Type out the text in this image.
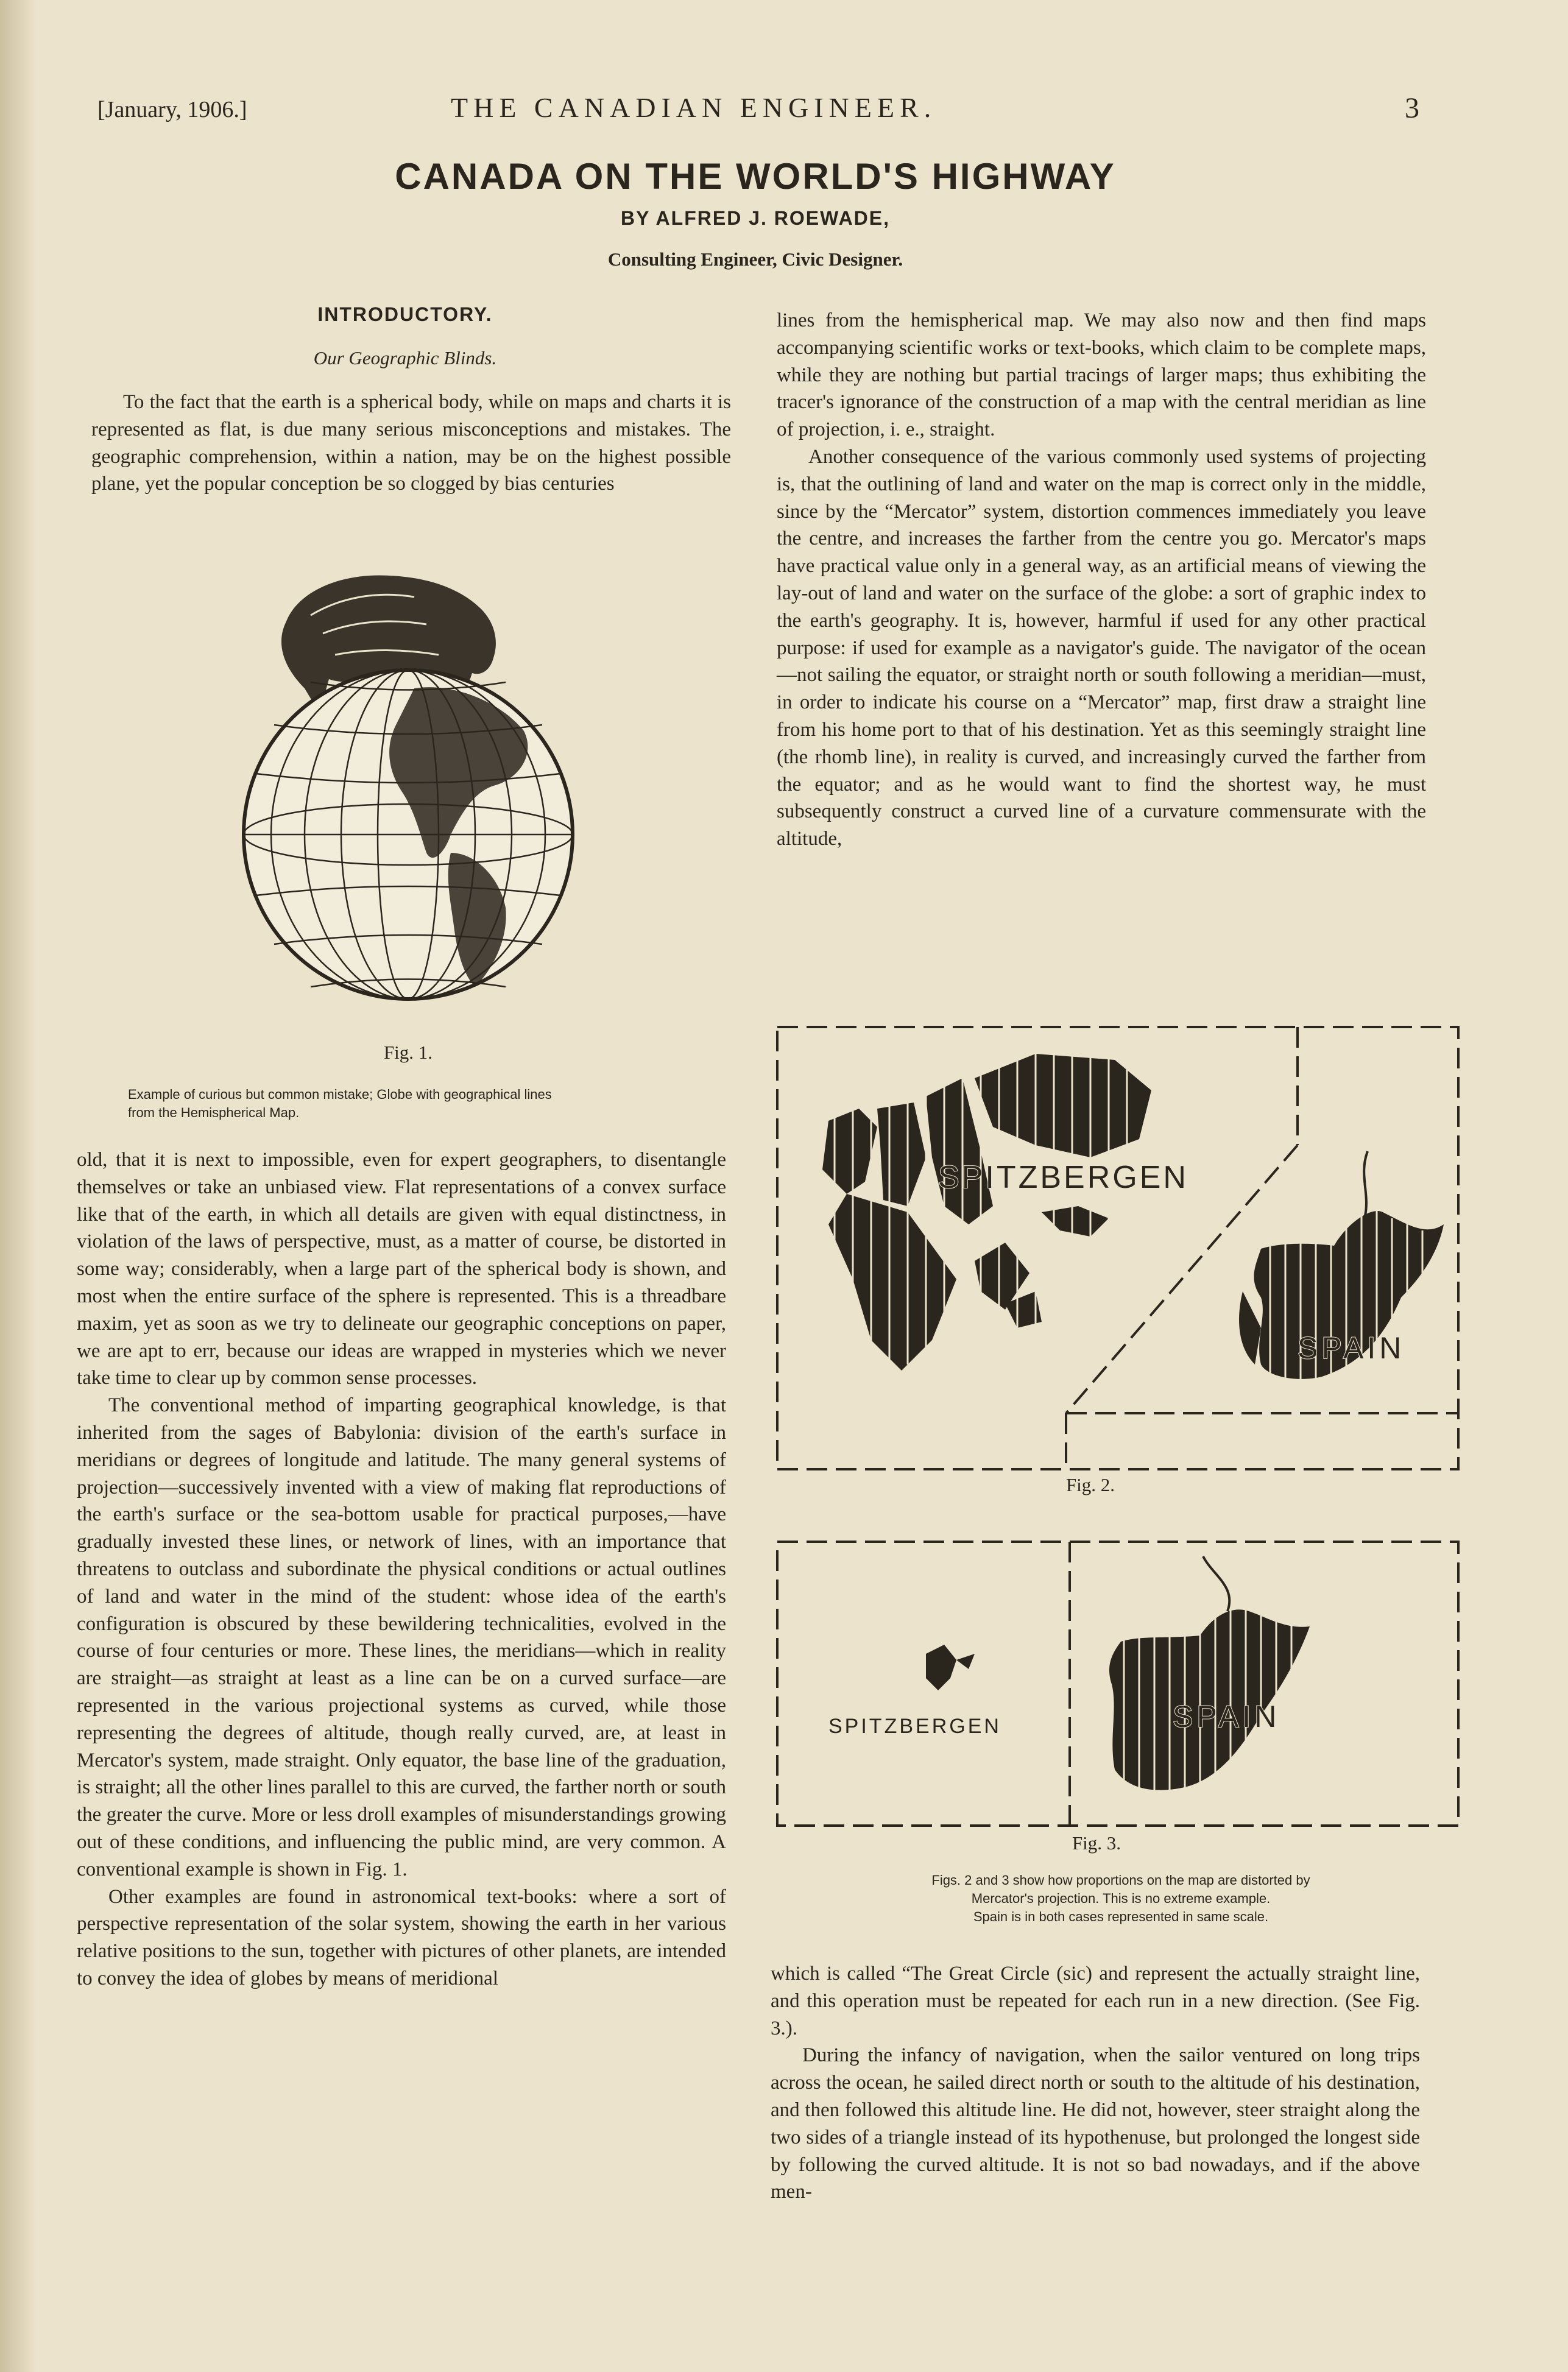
[January, 1906.]	THE CANADIAN ENGINEER.	3
CANADA ON THE WORLD'S HIGHWAY
BY ALFRED J. ROEWADE,
Consulting Engineer, Civic Designer.
INTRODUCTORY.
Our Geographic Blinds.

To the fact that the earth is a spherical body, while on maps and charts it is represented as flat, is due many serious misconceptions and mistakes. The geographic comprehension, within a nation, may be on the highest possible plane, yet the popular conception be so clogged by bias centuries

Fig. 1.
Example of curious but common mistake; Globe with geographical lines
from the Hemispherical Map.

old, that it is next to impossible, even for expert geographers, to disentangle themselves or take an unbiased view. Flat representations of a convex surface like that of the earth, in which all details are given with equal distinctness, in violation of the laws of perspective, must, as a matter of course, be distorted in some way; considerably, when a large part of the spherical body is shown, and most when the entire surface of the sphere is represented. This is a threadbare maxim, yet as soon as we try to delineate our geographic conceptions on paper, we are apt to err, because our ideas are wrapped in mysteries which we never take time to clear up by common sense processes.

The conventional method of imparting geographical knowledge, is that inherited from the sages of Babylonia: division of the earth's surface in meridians or degrees of longitude and latitude. The many general systems of projection—successively invented with a view of making flat reproductions of the earth's surface or the sea-bottom usable for practical purposes,—have gradually invested these lines, or network of lines, with an importance that threatens to outclass and subordinate the physical conditions or actual outlines of land and water in the mind of the student: whose idea of the earth's configuration is obscured by these bewildering technicalities, evolved in the course of four centuries or more. These lines, the meridians—which in reality are straight—as straight at least as a line can be on a curved surface—are represented in the various projectional systems as curved, while those representing the degrees of altitude, though really curved, are, at least in Mercator's system, made straight. Only equator, the base line of the graduation, is straight; all the other lines parallel to this are curved, the farther north or south the greater the curve. More or less droll examples of misunderstandings growing out of these conditions, and influencing the public mind, are very common. A conventional example is shown in Fig. 1.

Other examples are found in astronomical text-books: where a sort of perspective representation of the solar system, showing the earth in her various relative positions to the sun, together with pictures of other planets, are intended to convey the idea of globes by means of meridional

lines from the hemispherical map. We may also now and then find maps accompanying scientific works or text-books, which claim to be complete maps, while they are nothing but partial tracings of larger maps; thus exhibiting the tracer's ignorance of the construction of a map with the central meridian as line of projection, i. e., straight.

Another consequence of the various commonly used systems of projecting is, that the outlining of land and water on the map is correct only in the middle, since by the “Mercator” system, distortion commences immediately you leave the centre, and increases the farther from the centre you go. Mercator's maps have practical value only in a general way, as an artificial means of viewing the lay-out of land and water on the surface of the globe: a sort of graphic index to the earth's geography. It is, however, harmful if used for any other practical purpose: if used for example as a navigator's guide. The navigator of the ocean—not sailing the equator, or straight north or south following a meridian—must, in order to indicate his course on a “Mercator” map, first draw a straight line from his home port to that of his destination. Yet as this seemingly straight line (the rhomb line), in reality is curved, and increasingly curved the farther from the equator; and as he would want to find the shortest way, he must subsequently construct a curved line of a curvature commensurate with the altitude,

SPITZBERGEN
SPAIN
Fig. 2.
SPITZBERGEN	SPAIN
Fig. 3.
Figs. 2 and 3 show how proportions on the map are distorted by
Mercator's projection. This is no extreme example.
Spain is in both cases represented in same scale.

which is called “The Great Circle (sic) and represent the actually straight line, and this operation must be repeated for each run in a new direction. (See Fig. 3.).

During the infancy of navigation, when the sailor ventured on long trips across the ocean, he sailed direct north or south to the altitude of his destination, and then followed this altitude line. He did not, however, steer straight along the two sides of a triangle instead of its hypothenuse, but prolonged the longest side by following the curved altitude. It is not so bad nowadays, and if the above men-
